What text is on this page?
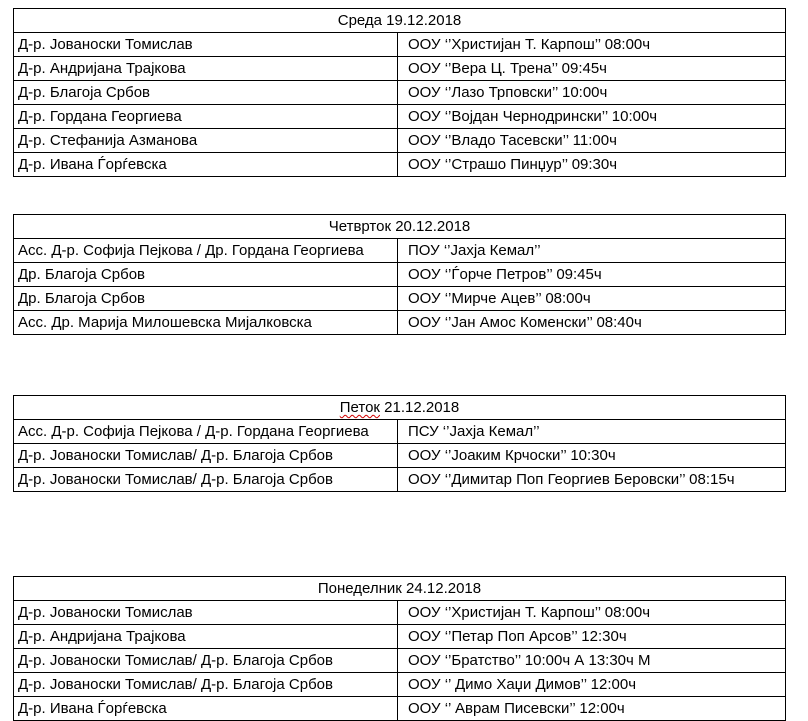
Среда 19.12.2018	
Д-р. Јованоски Томислав	ООУ ‘’Христијан Т. Карпош’’ 08:00ч
Д-р. Андријана Трајкова	ООУ ‘’Вера Ц. Трена’’ 09:45ч
Д-р. Благоја Србов	ООУ ‘’Лазо Трповски’’ 10:00ч
Д-р. Гордана Георгиева	ООУ ‘’Војдан Чернодрински’’ 10:00ч
Д-р. Стефанија Азманова	ООУ ‘’Владо Тасевски’’ 11:00ч
Д-р. Ивана Ѓорѓевска	ООУ ‘’Страшо Пинџур’’ 09:30ч
Четврток 20.12.2018	
Асс. Д-р. Софија Пејкова / Др. Гордана Георгиева	ПОУ ‘’Јахја Кемал’’
Др. Благоја Србов	ООУ ‘’Ѓорче Петров’’ 09:45ч
Др. Благоја Србов	ООУ ‘’Мирче Ацев’’ 08:00ч
Асс. Др. Марија Милошевска Мијалковска	ООУ ‘’Јан Амос Коменски’’ 08:40ч
Петок 21.12.2018	
Асс. Д-р. Софија Пејкова / Д-р. Гордана Георгиева	ПСУ ‘’Јахја Кемал’’
Д-р. Јованоски Томислав/ Д-р. Благоја Србов	ООУ ‘’Јоаким Крчоски’’ 10:30ч
Д-р. Јованоски Томислав/ Д-р. Благоја Србов	ООУ ‘’Димитар Поп Георгиев Беровски’’ 08:15ч
Понеделник 24.12.2018	
Д-р. Јованоски Томислав	ООУ ‘’Христијан Т. Карпош’’ 08:00ч
Д-р. Андријана Трајкова	ООУ ‘’Петар Поп Арсов’’ 12:30ч
Д-р. Јованоски Томислав/ Д-р. Благоја Србов	ООУ ‘’Братство’’ 10:00ч А 13:30ч М
Д-р. Јованоски Томислав/ Д-р. Благоја Србов	ООУ ‘’ Димо Хаџи Димов’’ 12:00ч
Д-р. Ивана Ѓорѓевска	ООУ ‘’ Аврам Писевски’’ 12:00ч
